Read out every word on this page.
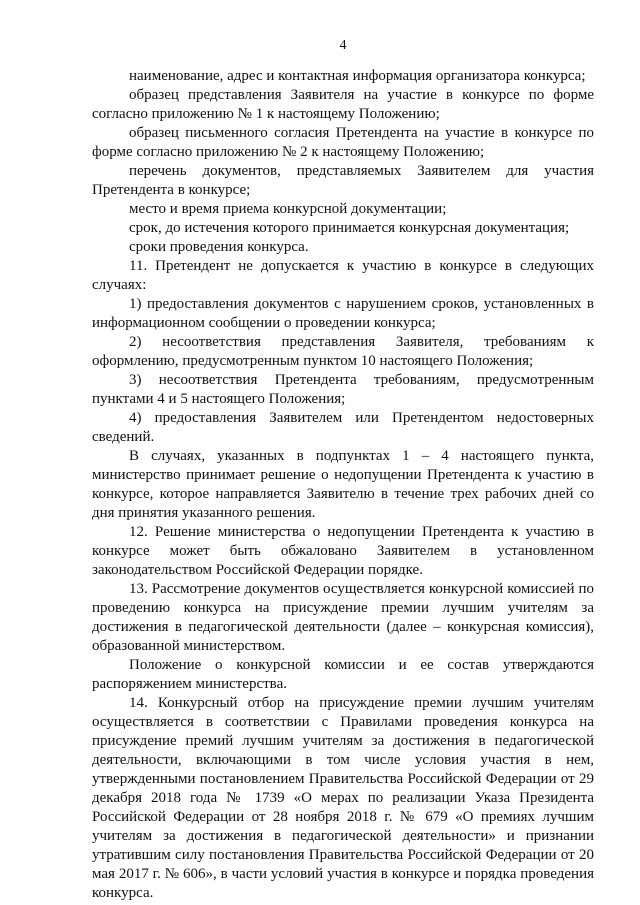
4

наименование, адрес и контактная информация организатора конкурса;

образец представления Заявителя на участие в конкурсе по форме согласно приложению № 1 к настоящему Положению;

образец письменного согласия Претендента на участие в конкурсе по форме согласно приложению № 2 к настоящему Положению;

перечень документов, представляемых Заявителем для участия Претендента в конкурсе;

место и время приема конкурсной документации;

срок, до истечения которого принимается конкурсная документация;

сроки проведения конкурса.

11. Претендент не допускается к участию в конкурсе в следующих случаях:

1) предоставления документов с нарушением сроков, установленных в информационном сообщении о проведении конкурса;

2) несоответствия представления Заявителя, требованиям к оформлению, предусмотренным пунктом 10 настоящего Положения;

3) несоответствия Претендента требованиям, предусмотренным пунктами 4 и 5 настоящего Положения;

4) предоставления Заявителем или Претендентом недостоверных сведений.

В случаях, указанных в подпунктах 1 – 4 настоящего пункта, министерство принимает решение о недопущении Претендента к участию в конкурсе, которое направляется Заявителю в течение трех рабочих дней со дня принятия указанного решения.

12. Решение министерства о недопущении Претендента к участию в конкурсе может быть обжаловано Заявителем в установленном законодательством Российской Федерации порядке.

13. Рассмотрение документов осуществляется конкурсной комиссией по проведению конкурса на присуждение премии лучшим учителям за достижения в педагогической деятельности (далее – конкурсная комиссия), образованной министерством.

Положение о конкурсной комиссии и ее состав утверждаются распоряжением министерства.

14. Конкурсный отбор на присуждение премии лучшим учителям осуществляется в соответствии с Правилами проведения конкурса на присуждение премий лучшим учителям за достижения в педагогической деятельности, включающими в том числе условия участия в нем, утвержденными постановлением Правительства Российской Федерации от 29 декабря 2018 года № 1739 «О мерах по реализации Указа Президента Российской Федерации от 28 ноября 2018 г. № 679 «О премиях лучшим учителям за достижения в педагогической деятельности» и признании утратившим силу постановления Правительства Российской Федерации от 20 мая 2017 г. № 606», в части условий участия в конкурсе и порядка проведения конкурса.
